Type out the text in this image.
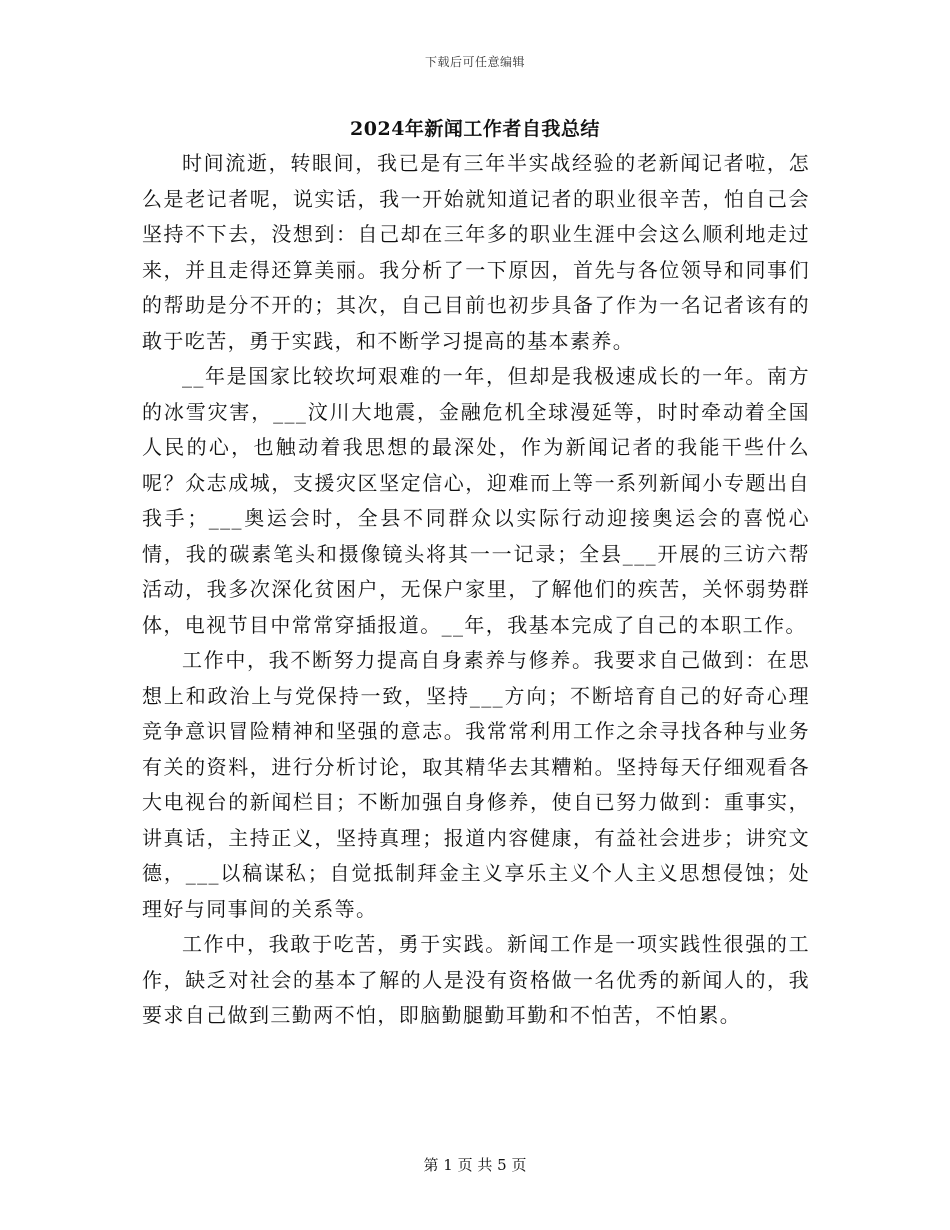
下载后可任意编辑
2024年新闻工作者自我总结

时间流逝，转眼间，我已是有三年半实战经验的老新闻记者啦，怎么是老记者呢，说实话，我一开始就知道记者的职业很辛苦，怕自己会坚持不下去，没想到：自己却在三年多的职业生涯中会这么顺利地走过来，并且走得还算美丽。我分析了一下原因，首先与各位领导和同事们的帮助是分不开的；其次，自己目前也初步具备了作为一名记者该有的敢于吃苦，勇于实践，和不断学习提高的基本素养。

__年是国家比较坎坷艰难的一年，但却是我极速成长的一年。南方的冰雪灾害，___汶川大地震，金融危机全球漫延等，时时牵动着全国人民的心，也触动着我思想的最深处，作为新闻记者的我能干些什么呢？众志成城，支援灾区坚定信心，迎难而上等一系列新闻小专题出自我手；___奥运会时，全县不同群众以实际行动迎接奥运会的喜悦心情，我的碳素笔头和摄像镜头将其一一记录；全县___开展的三访六帮活动，我多次深化贫困户，无保户家里，了解他们的疾苦，关怀弱势群体，电视节目中常常穿插报道。__年，我基本完成了自己的本职工作。

工作中，我不断努力提高自身素养与修养。我要求自己做到：在思想上和政治上与党保持一致，坚持___方向；不断培育自己的好奇心理竞争意识冒险精神和坚强的意志。我常常利用工作之余寻找各种与业务有关的资料，进行分析讨论，取其精华去其糟粕。坚持每天仔细观看各大电视台的新闻栏目；不断加强自身修养，使自已努力做到：重事实，讲真话，主持正义，坚持真理；报道内容健康，有益社会进步；讲究文德，___以稿谋私；自觉抵制拜金主义享乐主义个人主义思想侵蚀；处理好与同事间的关系等。

工作中，我敢于吃苦，勇于实践。新闻工作是一项实践性很强的工作，缺乏对社会的基本了解的人是没有资格做一名优秀的新闻人的，我要求自己做到三勤两不怕，即脑勤腿勤耳勤和不怕苦，不怕累。

第 1 页 共 5 页
